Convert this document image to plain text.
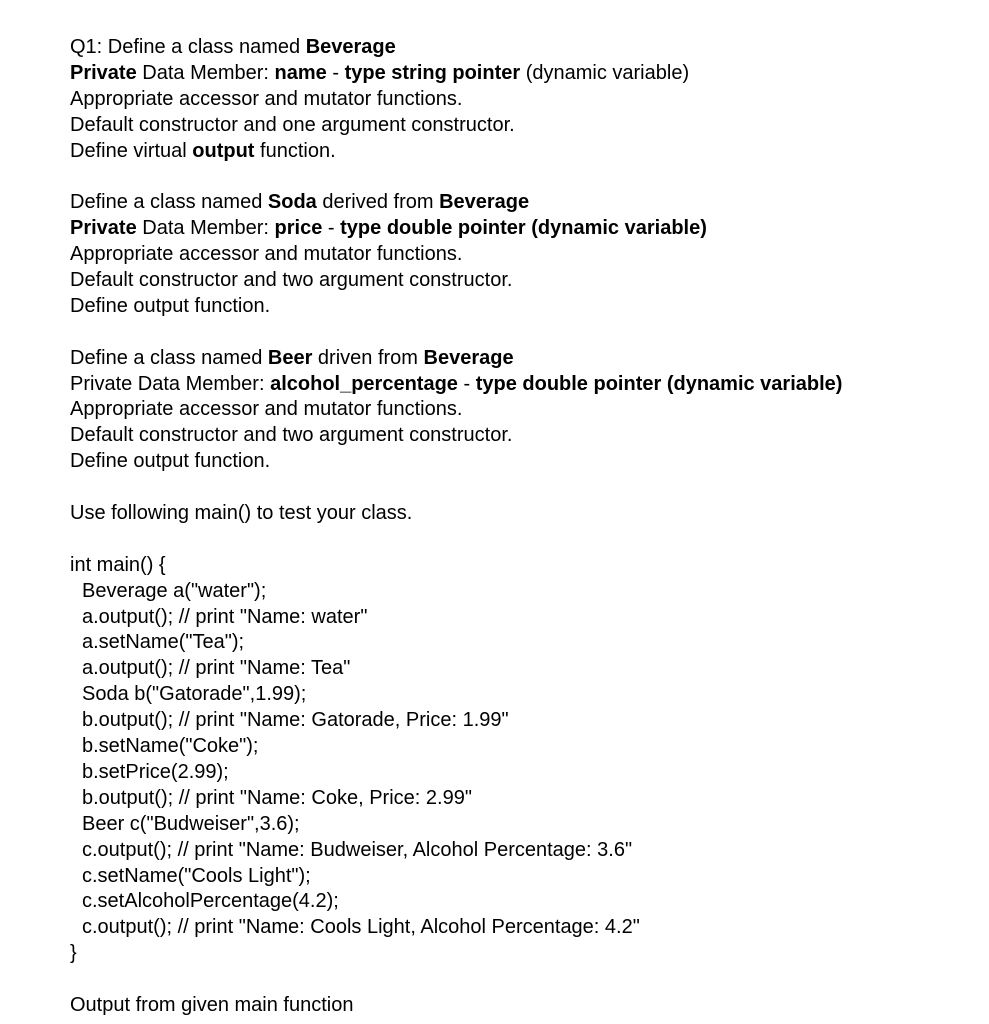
Q1: Define a class named Beverage
Private Data Member: name - type string pointer (dynamic variable)
Appropriate accessor and mutator functions.
Default constructor and one argument constructor.
Define virtual output function.
Define a class named Soda derived from Beverage
Private Data Member: price - type double pointer (dynamic variable)
Appropriate accessor and mutator functions.
Default constructor and two argument constructor.
Define output function.
Define a class named Beer driven from Beverage
Private Data Member: alcohol_percentage - type double pointer (dynamic variable)
Appropriate accessor and mutator functions.
Default constructor and two argument constructor.
Define output function.
Use following main() to test your class.
int main() {
Beverage a("water");
a.output(); // print "Name: water"
a.setName("Tea");
a.output(); // print "Name: Tea"
Soda b("Gatorade",1.99);
b.output(); // print "Name: Gatorade, Price: 1.99"
b.setName("Coke");
b.setPrice(2.99);
b.output(); // print "Name: Coke, Price: 2.99"
Beer c("Budweiser",3.6);
c.output(); // print "Name: Budweiser, Alcohol Percentage: 3.6"
c.setName("Cools Light");
c.setAlcoholPercentage(4.2);
c.output(); // print "Name: Cools Light, Alcohol Percentage: 4.2"
}
Output from given main function
